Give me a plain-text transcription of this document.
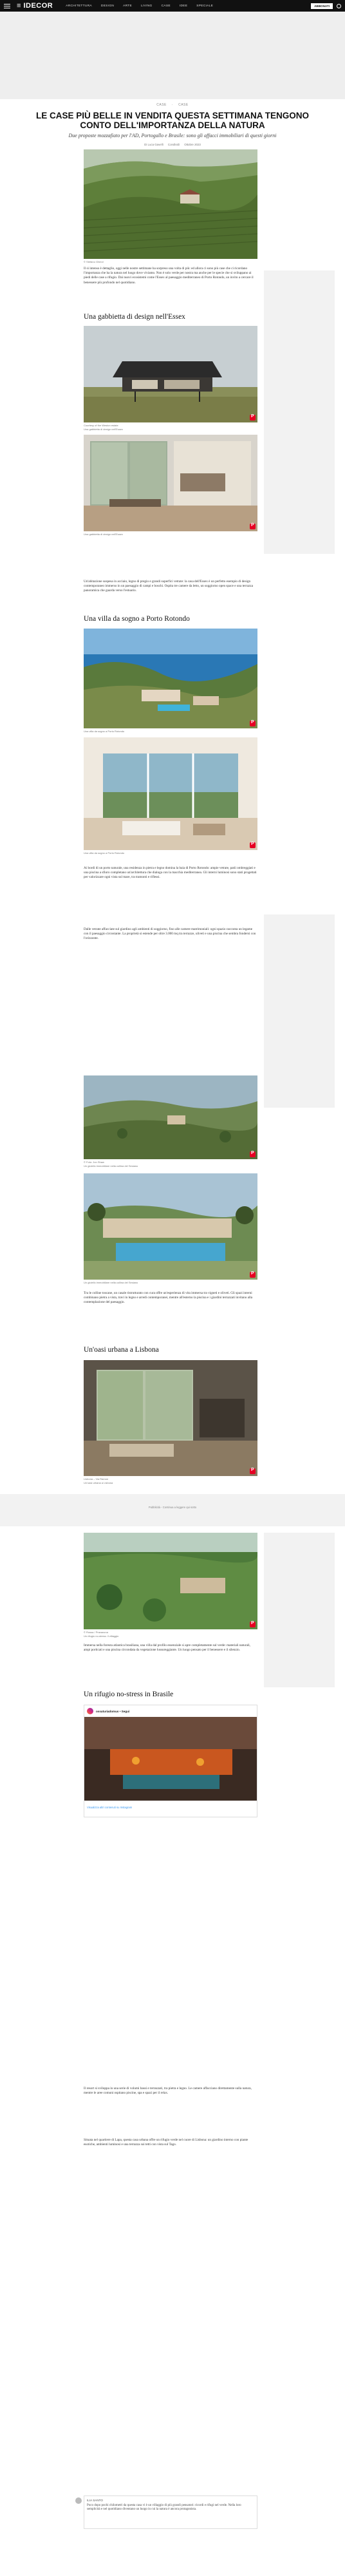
≡ IDECOR	ARCHITETTURA	DESIGN	ARTE	LIVING	CASE	IDEE	SPECIALE	ABBONATI
CASE · CASE
LE CASE PIÙ BELLE IN VENDITA QUESTA SETTIMANA TENGONO CONTO DELL'IMPORTANZA DELLA NATURA
Due proposte mozzafiato per l'AD, Portogallo e Brasile: sono gli affacci immobiliari di questi giorni
Di Luca Gavelli Condividi Ottobre 2023
© Stefano Gherzi
Il sì intenso è dettaglio, oggi nelle nostre settimane ha sorpreso una volta di più: ed allora ci sono più case che ci ricordano l'importanza che ha la natura nel luogo dove viviamo. Non è solo verde per nostra ma anche per le specie che si sviluppano ai piedi delle case a rifugio. Dai nuovi ecosistemi come l'Essex al paesaggio mediterraneo di Porto Rotondo, un invito a cercare il benessere più profondo nel quotidiano.
Una gabbietta di design nell'Essex
P
Courtesy of the Weston estate
Una gabbietta di design nell'Essex
P
Una gabbietta di design nell'Essex
Un'abitazione sospesa in acciaio, legno di pregio e grandi superfici vetrate: la casa dell'Essex è un perfetto esempio di design contemporaneo immerso in un paesaggio di campi e boschi. Ospita tre camere da letto, un soggiorno open space e una terrazza panoramica che guarda verso l'estuario.
Una villa da sogno a Porto Rotondo
P
Una villa da sogno a Porto Rotondo
P
Una villa da sogno a Porto Rotondo
Ai bordi di un porto naturale, una residenza in pietra e legno domina la baia di Porto Rotondo: ampie vetrate, patii ombreggiati e una piscina a sfioro completano un'architettura che dialoga con la macchia mediterranea. Gli interni luminosi sono stati progettati per valorizzare ogni vista sul mare, tra tramonti e riflessi.
Dalle vetrate affacciate sul giardino agli ambienti di soggiorno, fino alle camere matrimoniali: ogni spazio racconta un legame con il paesaggio circostante. La proprietà si estende per oltre 3.000 mq tra terrazze, uliveti e una piscina che sembra fondersi con l'orizzonte.
P
© Foto: Jon Shaw
Un gioiello immobiliare nella collina del Sesiano
P
Un gioiello immobiliare nella collina del Sesiano
Tra le colline toscane, un casale ristrutturato con cura offre un'esperienza di vita immersa tra vigneti e oliveti. Gli spazi interni combinano pietra a vista, travi in legno e arredi contemporanei, mentre all'esterno la piscina e i giardini terrazzati invitano alla contemplazione del paesaggio.
Un'oasi urbana a Lisbona
P
Lisbona – Via Ramon
Un'oasi urbana a Lisbona
Pubblicità - Continua a leggere qui sotto
P
© Rossa / Pravacuna
Un rifugio no-stress: il villaggio
Immersa nella foresta atlantica brasiliana, una villa dal profilo essenziale si apre completamente sul verde: materiali naturali, ampi porticati e una piscina circondata da vegetazione lussureggiante. Un luogo pensato per il benessere e il silenzio.
Un rifugio no-stress in Brasile
ossaturiadomus • Segui
Visualizza altri contenuti su Instagram
Il resort si sviluppa in una serie di volumi bassi e terrazzati, tra pietra e legno. Le camere affacciano direttamente sulla natura, mentre le aree comuni ospitano piscine, spa e spazi per il relax.
Situata nel quartiere di Lapa, questa casa urbana offre un rifugio verde nel cuore di Lisbona: un giardino interno con piante esotiche, ambienti luminosi e una terrazza sui tetti con vista sul Tago.
ILIA SANTO
Poco dopo pochi chilometri da questa casa vi è un villaggio di più grandi pensatori: ricordi e rifugi nel verde. Nella loro semplicità e nel quotidiano diventano un luogo in cui la natura è ancora protagonista.
